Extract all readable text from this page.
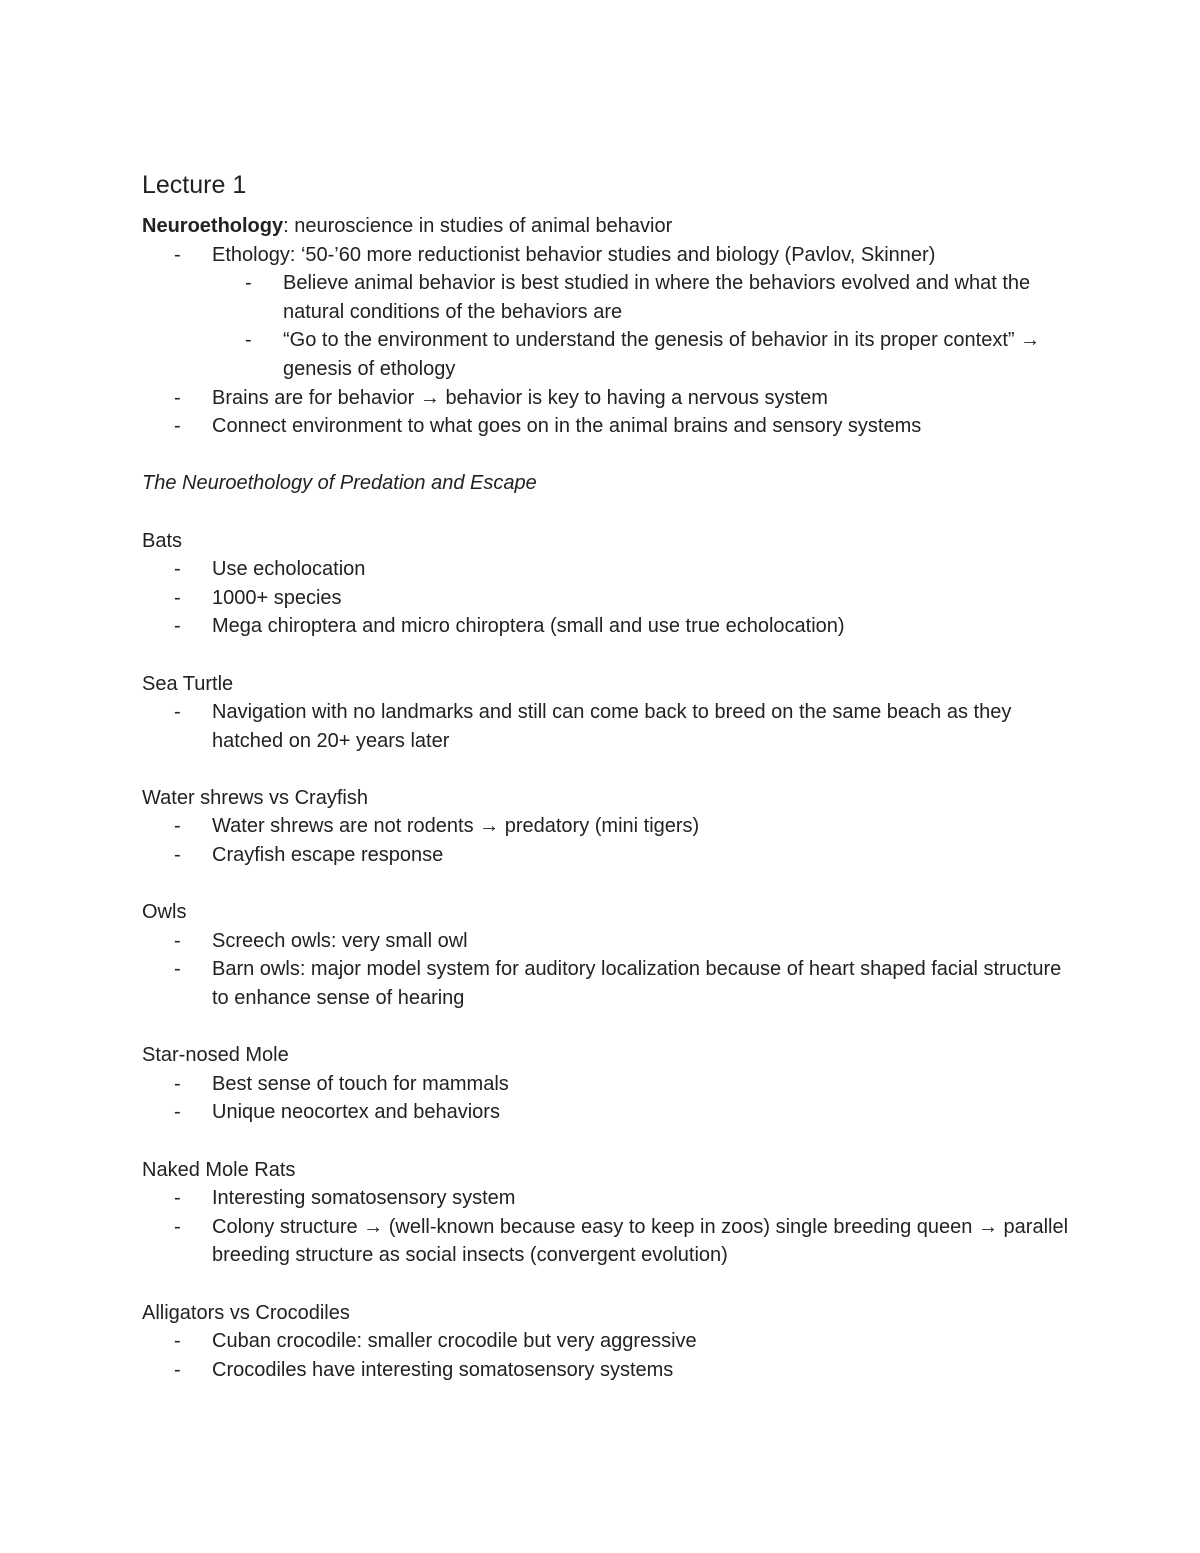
Lecture 1
Neuroethology: neuroscience in studies of animal behavior
- Ethology: ‘50-’60 more reductionist behavior studies and biology (Pavlov, Skinner)
- Believe animal behavior is best studied in where the behaviors evolved and what the natural conditions of the behaviors are
- “Go to the environment to understand the genesis of behavior in its proper context” → genesis of ethology
- Brains are for behavior → behavior is key to having a nervous system
- Connect environment to what goes on in the animal brains and sensory systems
The Neuroethology of Predation and Escape
Bats
- Use echolocation
- 1000+ species
- Mega chiroptera and micro chiroptera (small and use true echolocation)
Sea Turtle
- Navigation with no landmarks and still can come back to breed on the same beach as they hatched on 20+ years later
Water shrews vs Crayfish
- Water shrews are not rodents → predatory (mini tigers)
- Crayfish escape response
Owls
- Screech owls: very small owl
- Barn owls: major model system for auditory localization because of heart shaped facial structure to enhance sense of hearing
Star-nosed Mole
- Best sense of touch for mammals
- Unique neocortex and behaviors
Naked Mole Rats
- Interesting somatosensory system
- Colony structure → (well-known because easy to keep in zoos) single breeding queen → parallel breeding structure as social insects (convergent evolution)
Alligators vs Crocodiles
- Cuban crocodile: smaller crocodile but very aggressive
- Crocodiles have interesting somatosensory systems
